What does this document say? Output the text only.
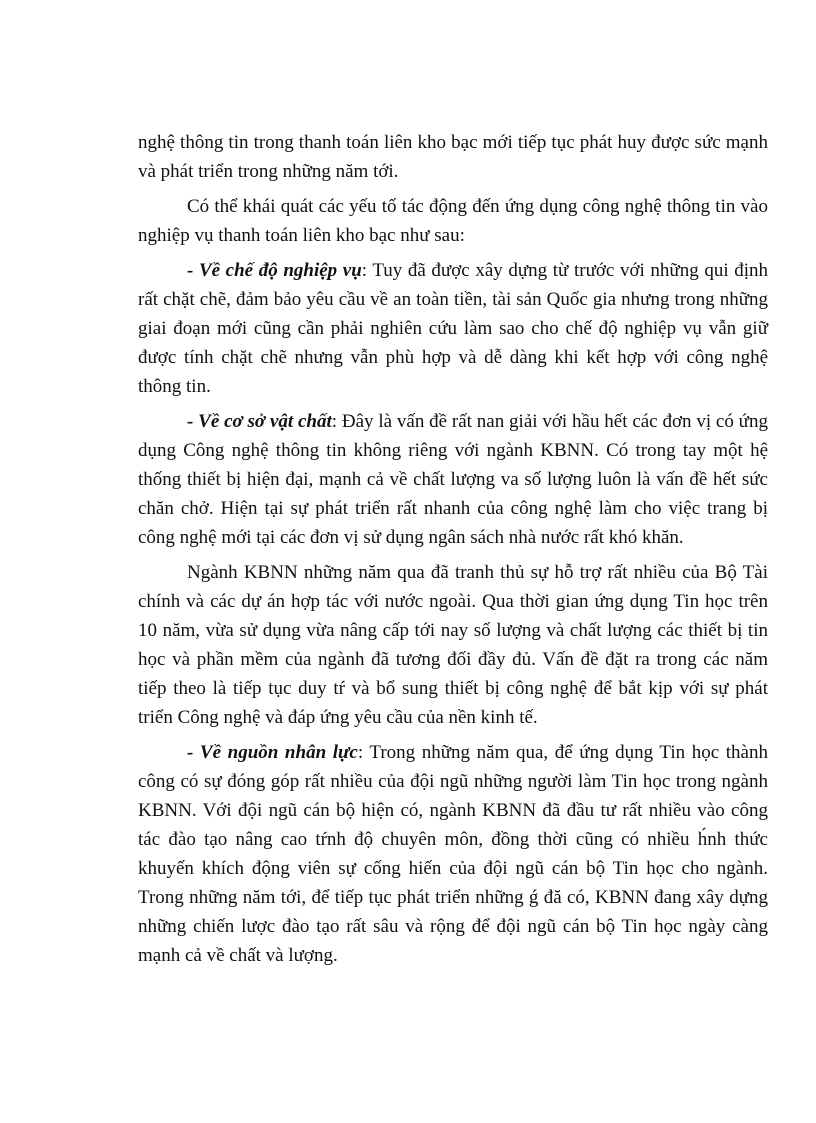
nghệ thông tin trong thanh toán liên kho bạc mới tiếp tục phát huy được sức mạnh và phát triển trong những năm tới.

Có thể khái quát các yếu tố tác động đến ứng dụng công nghệ thông tin vào nghiệp vụ thanh toán liên kho bạc như sau:

- Về chế độ nghiệp vụ: Tuy đã được xây dựng từ trước với những qui định rất chặt chẽ, đảm bảo yêu cầu về an toàn tiền, tài sản Quốc gia nhưng trong những giai đoạn mới cũng cần phải nghiên cứu làm sao cho chế độ nghiệp vụ vẫn giữ được tính chặt chẽ nhưng vẫn phù hợp và dễ dàng khi kết hợp với công nghệ thông tin.

- Về cơ sở vật chất: Đây là vấn đề rất nan giải với hầu hết các đơn vị có ứng dụng Công nghệ thông tin không riêng với ngành KBNN. Có trong tay một hệ thống thiết bị hiện đại, mạnh cả về chất lượng va số lượng luôn là vấn đề hết sức chăn chở. Hiện tại sự phát triển rất nhanh của công nghệ làm cho việc trang bị công nghệ mới tại các đơn vị sử dụng ngân sách nhà nước rất khó khăn.

Ngành KBNN những năm qua đã tranh thủ sự hỗ trợ rất nhiều của Bộ Tài chính và các dự án hợp tác với nước ngoài. Qua thời gian ứng dụng Tin học trên 10 năm, vừa sử dụng vừa nâng cấp tới nay số lượng và chất lượng các thiết bị tin học và phần mềm của ngành đã tương đối đầy đủ. Vấn đề đặt ra trong các năm tiếp theo là tiếp tục duy tŕ và bổ sung thiết bị công nghệ để bắt kịp với sự phát triển Công nghệ và đáp ứng yêu cầu của nền kinh tế.

- Về nguồn nhân lực: Trong những năm qua, để ứng dụng Tin học thành công có sự đóng góp rất nhiều của đội ngũ những người làm Tin học trong ngành KBNN. Với đội ngũ cán bộ hiện có, ngành KBNN đã đầu tư rất nhiều vào công tác đào tạo nâng cao tŕnh độ chuyên môn, đồng thời cũng có nhiều h́nh thức khuyến khích động viên sự cống hiến của đội ngũ cán bộ Tin học cho ngành. Trong những năm tới, để tiếp tục phát triển những ǵ đă có, KBNN đang xây dựng những chiến lược đào tạo rất sâu và rộng để đội ngũ cán bộ Tin học ngày càng mạnh cả về chất và lượng.
